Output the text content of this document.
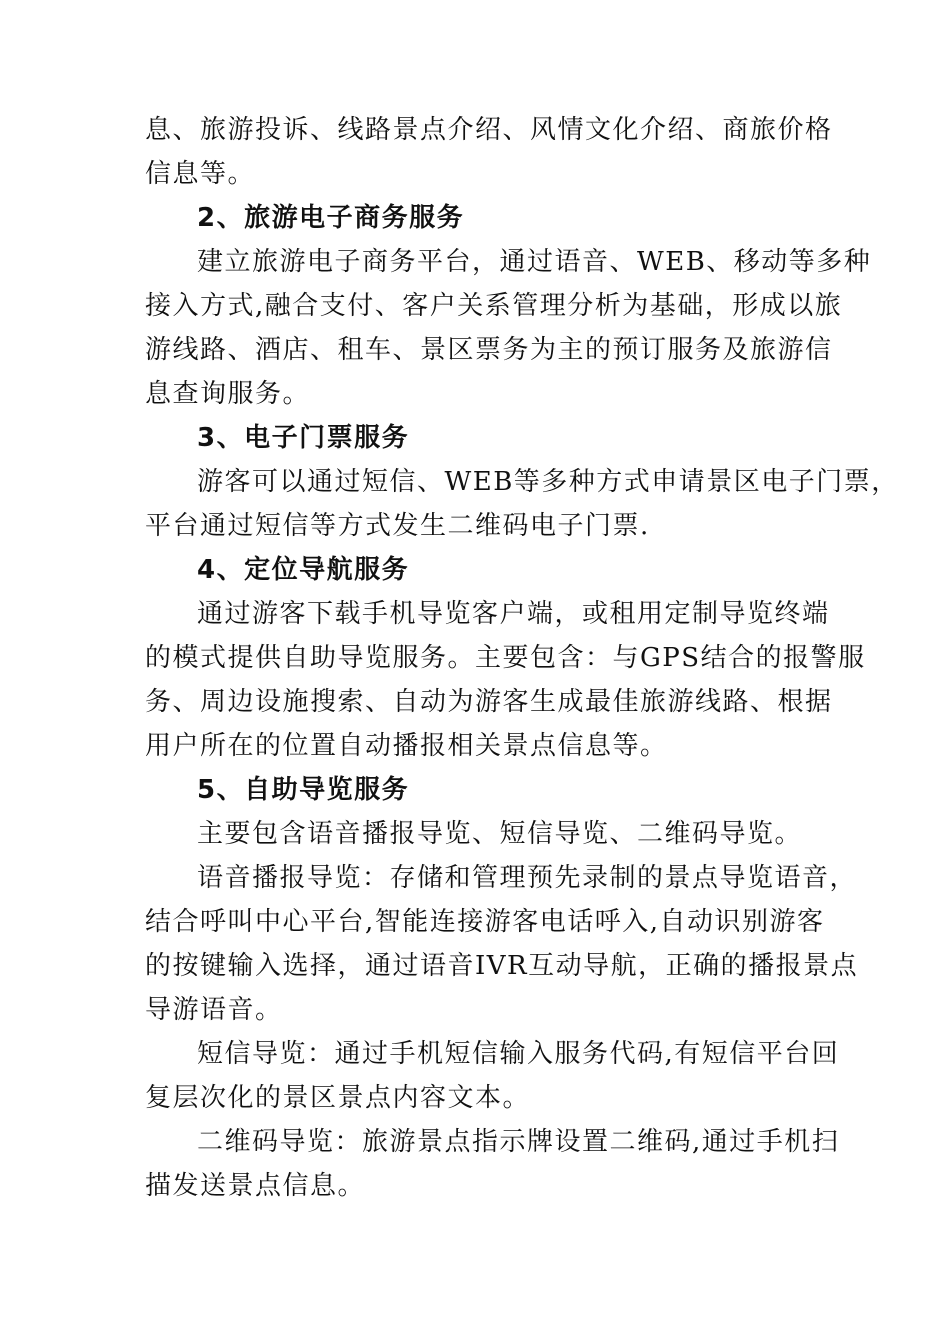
息、旅游投诉、线路景点介绍、风情文化介绍、商旅价格
信息等。
2、旅游电子商务服务
建立旅游电子商务平台，通过语音、WEB、移动等多种
接入方式,融合支付、客户关系管理分析为基础，形成以旅
游线路、酒店、租车、景区票务为主的预订服务及旅游信
息查询服务。
3、电子门票服务
游客可以通过短信、WEB等多种方式申请景区电子门票，
平台通过短信等方式发生二维码电子门票.
4、定位导航服务
通过游客下载手机导览客户端，或租用定制导览终端
的模式提供自助导览服务。主要包含：与GPS结合的报警服
务、周边设施搜索、自动为游客生成最佳旅游线路、根据
用户所在的位置自动播报相关景点信息等。
5、自助导览服务
主要包含语音播报导览、短信导览、二维码导览。
语音播报导览：存储和管理预先录制的景点导览语音，
结合呼叫中心平台,智能连接游客电话呼入,自动识别游客
的按键输入选择，通过语音IVR互动导航，正确的播报景点
导游语音。
短信导览：通过手机短信输入服务代码,有短信平台回
复层次化的景区景点内容文本。
二维码导览：旅游景点指示牌设置二维码,通过手机扫
描发送景点信息。
